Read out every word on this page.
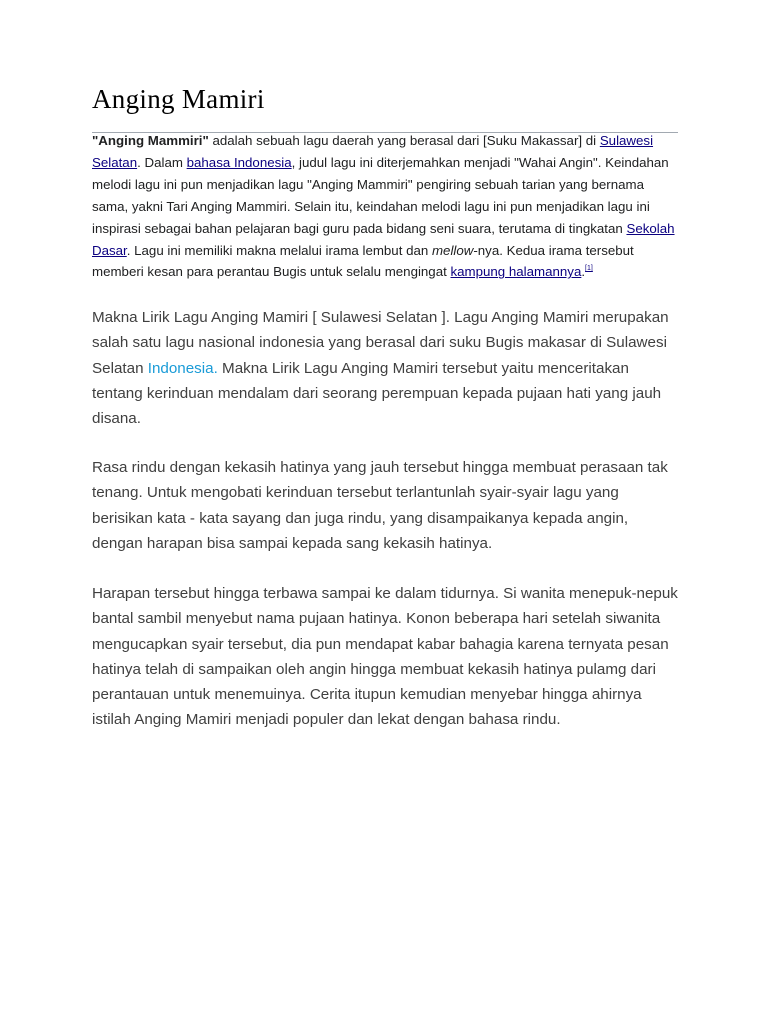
Anging Mamiri

"Anging Mammiri" adalah sebuah lagu daerah yang berasal dari [Suku Makassar] di Sulawesi Selatan. Dalam bahasa Indonesia, judul lagu ini diterjemahkan menjadi "Wahai Angin". Keindahan melodi lagu ini pun menjadikan lagu "Anging Mammiri" pengiring sebuah tarian yang bernama sama, yakni Tari Anging Mammiri. Selain itu, keindahan melodi lagu ini pun menjadikan lagu ini inspirasi sebagai bahan pelajaran bagi guru pada bidang seni suara, terutama di tingkatan Sekolah Dasar. Lagu ini memiliki makna melalui irama lembut dan mellow-nya. Kedua irama tersebut memberi kesan para perantau Bugis untuk selalu mengingat kampung halamannya.[1]

Makna Lirik Lagu Anging Mamiri [ Sulawesi Selatan ]. Lagu Anging Mamiri merupakan salah satu lagu nasional indonesia yang berasal dari suku Bugis makasar di Sulawesi Selatan Indonesia. Makna Lirik Lagu Anging Mamiri tersebut yaitu menceritakan tentang kerinduan mendalam dari seorang perempuan kepada pujaan hati yang jauh disana.

Rasa rindu dengan kekasih hatinya yang jauh tersebut hingga membuat perasaan tak tenang. Untuk mengobati kerinduan tersebut terlantunlah syair-syair lagu yang berisikan kata - kata sayang dan juga rindu, yang disampaikanya kepada angin, dengan harapan bisa sampai kepada sang kekasih hatinya.

Harapan tersebut hingga terbawa sampai ke dalam tidurnya. Si wanita menepuk-nepuk bantal sambil menyebut nama pujaan hatinya. Konon beberapa hari setelah siwanita mengucapkan syair tersebut, dia pun mendapat kabar bahagia karena ternyata pesan hatinya telah di sampaikan oleh angin hingga membuat kekasih hatinya pulamg dari perantauan untuk menemuinya. Cerita itupun kemudian menyebar hingga ahirnya istilah Anging Mamiri menjadi populer dan lekat dengan bahasa rindu.
